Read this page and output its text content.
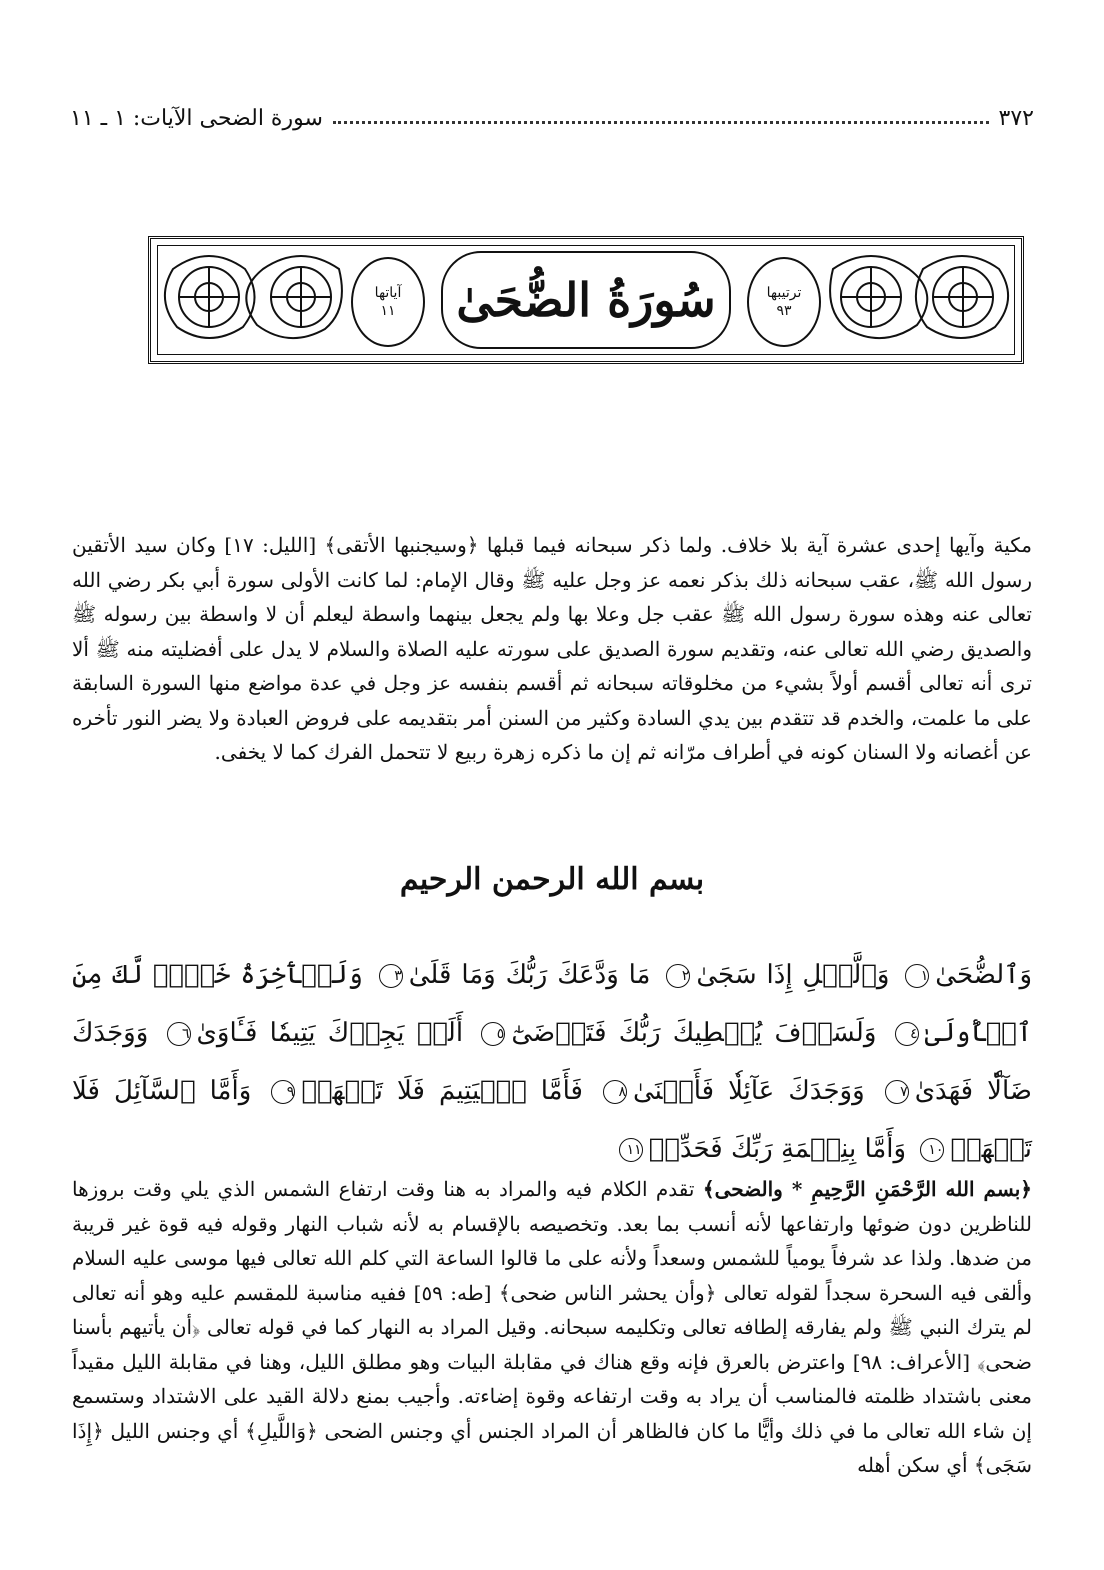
٣٧٢
سورة الضحى الآيات: ١ ـ ١١
ترتيبها
٩٣
آياتها
١١	سُورَةُ الضُّحَىٰ

مكية وآيها إحدى عشرة آية بلا خلاف. ولما ذكر سبحانه فيما قبلها ﴿وسيجنبها الأتقى﴾ [الليل: ١٧] وكان سيد الأتقين رسول الله ﷺ، عقب سبحانه ذلك بذكر نعمه عز وجل عليه ﷺ وقال الإمام: لما كانت الأولى سورة أبي بكر رضي الله تعالى عنه وهذه سورة رسول الله ﷺ عقب جل وعلا بها ولم يجعل بينهما واسطة ليعلم أن لا واسطة بين رسوله ﷺ والصديق رضي الله تعالى عنه، وتقديم سورة الصديق على سورته عليه الصلاة والسلام لا يدل على أفضليته منه ﷺ ألا ترى أنه تعالى أقسم أولاً بشيء من مخلوقاته سبحانه ثم أقسم بنفسه عز وجل في عدة مواضع منها السورة السابقة على ما علمت، والخدم قد تتقدم بين يدي السادة وكثير من السنن أمر بتقديمه على فروض العبادة ولا يضر النور تأخره عن أغصانه ولا السنان كونه في أطراف مرّانه ثم إن ما ذكره زهرة ربيع لا تتحمل الفرك كما لا يخفى.

بسم الله الرحمن الرحيم
وَٱلضُّحَىٰ١ وَٱلَّيۡلِ إِذَا سَجَىٰ٢ مَا وَدَّعَكَ رَبُّكَ وَمَا قَلَىٰ٣ وَلَلۡأٓخِرَةُ خَيۡرٞ لَّكَ مِنَ ٱلۡأُولَىٰ٤ وَلَسَوۡفَ يُعۡطِيكَ رَبُّكَ فَتَرۡضَىٰٓ٥ أَلَمۡ يَجِدۡكَ يَتِيمٗا فَـَٔاوَىٰ٦ وَوَجَدَكَ ضَآلّٗا فَهَدَىٰ٧ وَوَجَدَكَ عَآئِلٗا فَأَغۡنَىٰ٨ فَأَمَّا ٱلۡيَتِيمَ فَلَا تَقۡهَرۡ٩ وَأَمَّا ٱلسَّآئِلَ فَلَا تَنۡهَرۡ١٠ وَأَمَّا بِنِعۡمَةِ رَبِّكَ فَحَدِّثۡ١١

﴿بسم الله الرَّحْمَنِ الرَّحِيمِ * والضحى﴾ تقدم الكلام فيه والمراد به هنا وقت ارتفاع الشمس الذي يلي وقت بروزها للناظرين دون ضوئها وارتفاعها لأنه أنسب بما بعد. وتخصيصه بالإقسام به لأنه شباب النهار وقوله فيه قوة غير قريبة من ضدها. ولذا عد شرفاً يومياً للشمس وسعداً ولأنه على ما قالوا الساعة التي كلم الله تعالى فيها موسى عليه السلام وألقى فيه السحرة سجداً لقوله تعالى ﴿وأن يحشر الناس ضحى﴾ [طه: ٥٩] ففيه مناسبة للمقسم عليه وهو أنه تعالى لم يترك النبي ﷺ ولم يفارقه إلطافه تعالى وتكليمه سبحانه. وقيل المراد به النهار كما في قوله تعالى ﴿أن يأتيهم بأسنا ضحى﴾ [الأعراف: ٩٨] واعترض بالعرق فإنه وقع هناك في مقابلة البيات وهو مطلق الليل، وهنا في مقابلة الليل مقيداً معنى باشتداد ظلمته فالمناسب أن يراد به وقت ارتفاعه وقوة إضاءته. وأجيب بمنع دلالة القيد على الاشتداد وستسمع إن شاء الله تعالى ما في ذلك وأيًّا ما كان فالظاهر أن المراد الجنس أي وجنس الضحى ﴿وَاللَّيلِ﴾ أي وجنس الليل ﴿إِذَا سَجَى﴾ أي سكن أهله
